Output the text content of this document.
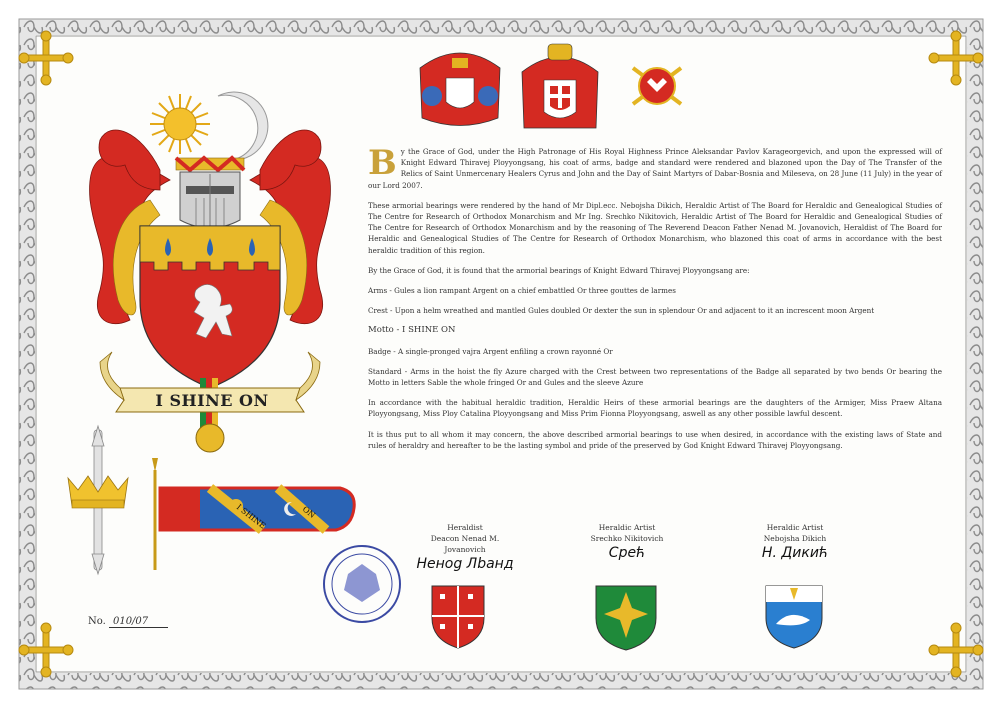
I SHINE ON
I SHINE	ON

By the Grace of God, under the High Patronage of His Royal Highness Prince Aleksandar Pavlov Karageorgevich, and upon the expressed will of Knight Edward Thiravej Ployyongsang, his coat of arms, badge and standard were rendered and blazoned upon the Day of The Transfer of the Relics of Saint Unmercenary Healers Cyrus and John and the Day of Saint Martyrs of Dabar-Bosnia and Mileseva, on 28 June (11 July) in the year of our Lord 2007.

These armorial bearings were rendered by the hand of Mr Dipl.ecc. Nebojsha Dikich, Heraldic Artist of The Board for Heraldic and Genealogical Studies of The Centre for Research of Orthodox Monarchism and Mr Ing. Srechko Nikitovich, Heraldic Artist of The Board for Heraldic and Genealogical Studies of The Centre for Research of Orthodox Monarchism and by the reasoning of The Reverend Deacon Father Nenad M. Jovanovich, Heraldist of The Board for Heraldic and Genealogical Studies of The Centre for Research of Orthodox Monarchism, who blazoned this coat of arms in accordance with the best heraldic tradition of this region.

By the Grace of God, it is found that the armorial bearings of Knight Edward Thiravej Ployyongsang are:

Arms - Gules a lion rampant Argent on a chief embattled Or three gouttes de larmes

Crest - Upon a helm wreathed and mantled Gules doubled Or dexter the sun in splendour Or and adjacent to it an increscent moon Argent

Motto - I SHINE ON

Badge - A single-pronged vajra Argent enfiling a crown rayonné Or

Standard - Arms in the hoist the fly Azure charged with the Crest between two representations of the Badge all separated by two bends Or bearing the Motto in letters Sable the whole fringed Or and Gules and the sleeve Azure

In accordance with the habitual heraldic tradition, Heraldic Heirs of these armorial bearings are the daughters of the Armiger, Miss Praew Altana Ployyongsang, Miss Ploy Catalina Ployyongsang and Miss Prim Fionna Ployyongsang, aswell as any other possible lawful descent.

It is thus put to all whom it may concern, the above described armorial bearings to use when desired, in accordance with the existing laws of State and rules of heraldry and hereafter to be the lasting symbol and pride of the preserved by God Knight Edward Thiravej Ployyongsang.

Heraldist
Deacon Nenad M. Jovanovich
Неноg Лbанд
Heraldic Artist
Srechko Nikitovich
Срећ
Heraldic Artist
Nebojsha Dikich
Н. Дикић
No. 010/07
